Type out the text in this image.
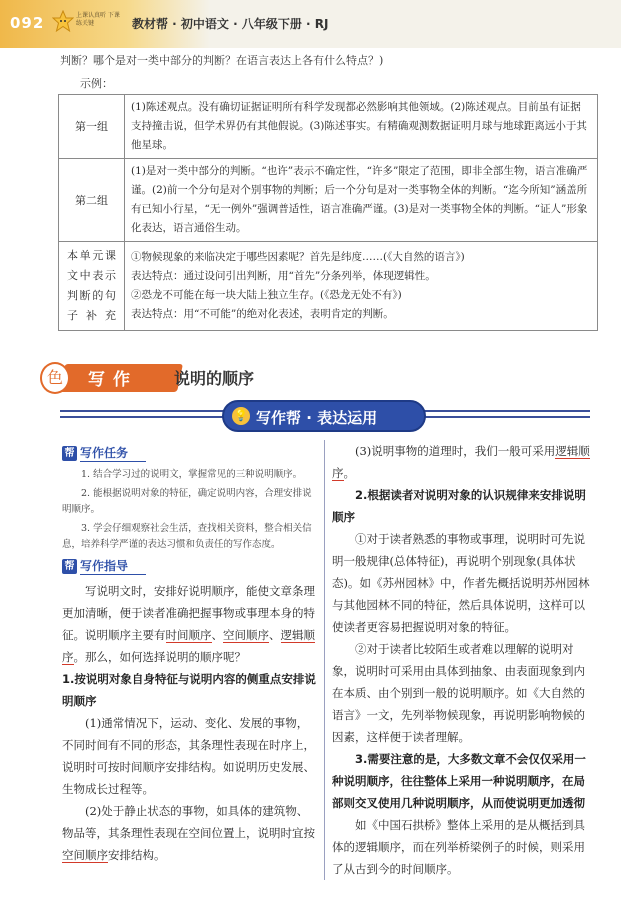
092	上课认真听 下课练关键	教材帮 · 初中语文 · 八年级下册 · RJ
判断？哪个是对一类中部分的判断？在语言表达上各有什么特点？)
示例：
第一组	(1)陈述观点。没有确切证据证明所有科学发现都必然影响其他领域。(2)陈述观点。目前虽有证据支持撞击说，但学术界仍有其他假说。(3)陈述事实。有精确观测数据证明月球与地球距离远小于其他星球。
第二组	(1)是对一类中部分的判断。“也许”表示不确定性，“许多”限定了范围，即非全部生物，语言准确严谨。(2)前一个分句是对个别事物的判断；后一个分句是对一类事物全体的判断。“迄今所知”涵盖所有已知小行星，“无一例外”强调普适性，语言准确严谨。(3)是对一类事物全体的判断。“证人”形象化表达，语言通俗生动。
本单元课文中表示判断的句子补充	①物候现象的来临决定于哪些因素呢？首先是纬度……(《大自然的语言》)
表达特点：通过设问引出判断，用“首先”分条列举，体现逻辑性。
②恐龙不可能在每一块大陆上独立生存。(《恐龙无处不有》)
表达特点：用“不可能”的绝对化表述，表明肯定的判断。
色	写作 说明的顺序
💡 写作帮 · 表达运用
帮 写作任务

1. 结合学习过的说明文，掌握常见的三种说明顺序。

2. 能根据说明对象的特征，确定说明内容，合理安排说明顺序。

3. 学会仔细观察社会生活，查找相关资料，整合相关信息，培养科学严谨的表达习惯和负责任的写作态度。

帮 写作指导

写说明文时，安排好说明顺序，能使文章条理更加清晰，便于读者准确把握事物或事理本身的特征。说明顺序主要有时间顺序、空间顺序、逻辑顺序。那么，如何选择说明的顺序呢？

1.按说明对象自身特征与说明内容的侧重点安排说明顺序

(1)通常情况下，运动、变化、发展的事物，不同时间有不同的形态，其条理性表现在时序上，说明时可按时间顺序安排结构。如说明历史发展、生物成长过程等。

(2)处于静止状态的事物，如具体的建筑物、物品等，其条理性表现在空间位置上，说明时宜按空间顺序安排结构。

(3)说明事物的道理时，我们一般可采用逻辑顺序。

2.根据读者对说明对象的认识规律来安排说明顺序

①对于读者熟悉的事物或事理，说明时可先说明一般规律(总体特征)，再说明个别现象(具体状态)。如《苏州园林》中，作者先概括说明苏州园林与其他园林不同的特征，然后具体说明，这样可以使读者更容易把握说明对象的特征。

②对于读者比较陌生或者难以理解的说明对象，说明时可采用由具体到抽象、由表面现象到内在本质、由个别到一般的说明顺序。如《大自然的语言》一文，先列举物候现象，再说明影响物候的因素，这样便于读者理解。

3.需要注意的是，大多数文章不会仅仅采用一种说明顺序，往往整体上采用一种说明顺序，在局部则交叉使用几种说明顺序，从而使说明更加透彻

如《中国石拱桥》整体上采用的是从概括到具体的逻辑顺序，而在列举桥梁例子的时候，则采用了从古到今的时间顺序。
